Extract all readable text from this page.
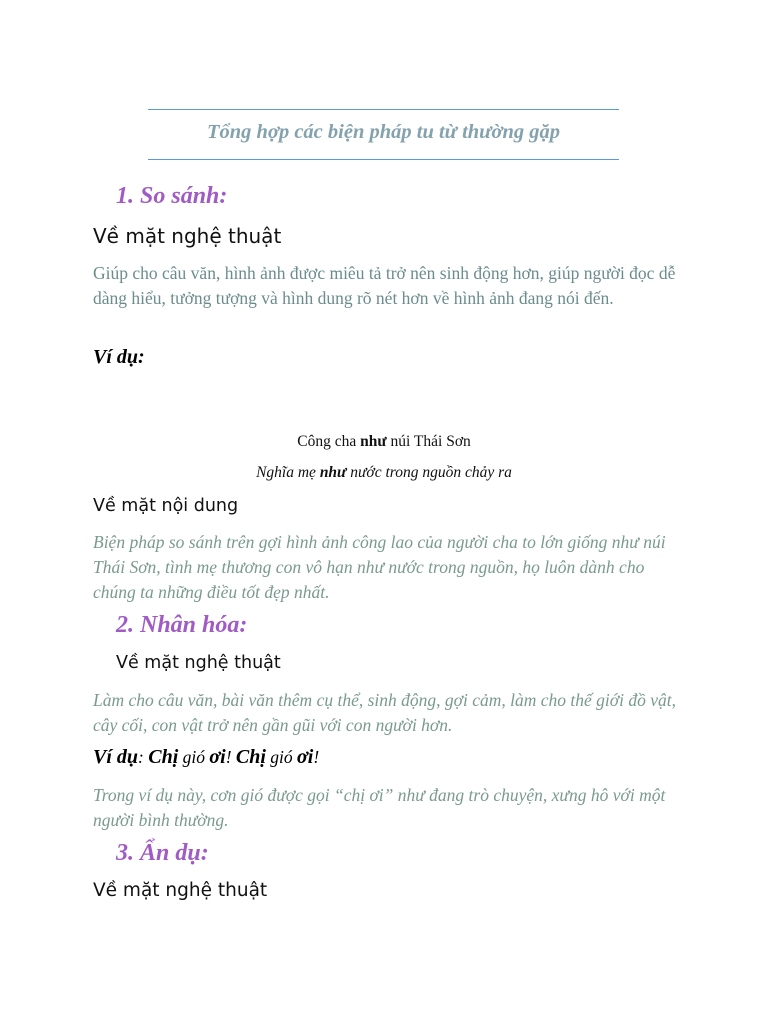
Tổng hợp các biện pháp tu từ thường gặp
1. So sánh:
Về mặt nghệ thuật
Giúp cho câu văn, hình ảnh được miêu tả trở nên sinh động hơn, giúp người đọc dễ dàng hiểu, tưởng tượng và hình dung rõ nét hơn về hình ảnh đang nói đến.
Ví dụ:
Công cha như núi Thái Sơn
Nghĩa mẹ như nước trong nguồn chảy ra
Về mặt nội dung
Biện pháp so sánh trên gợi hình ảnh công lao của người cha to lớn giống như núi Thái Sơn, tình mẹ thương con vô hạn như nước trong nguồn, họ luôn dành cho chúng ta những điều tốt đẹp nhất.
2. Nhân hóa:
Về mặt nghệ thuật
Làm cho câu văn, bài văn thêm cụ thể, sinh động, gợi cảm, làm cho thế giới đồ vật, cây cối, con vật trở nên gần gũi với con người hơn.
Ví dụ: Chị gió ơi! Chị gió ơi!
Trong ví dụ này, cơn gió được gọi “chị ơi” như đang trò chuyện, xưng hô với một người bình thường.
3. Ẩn dụ:
Về mặt nghệ thuật
